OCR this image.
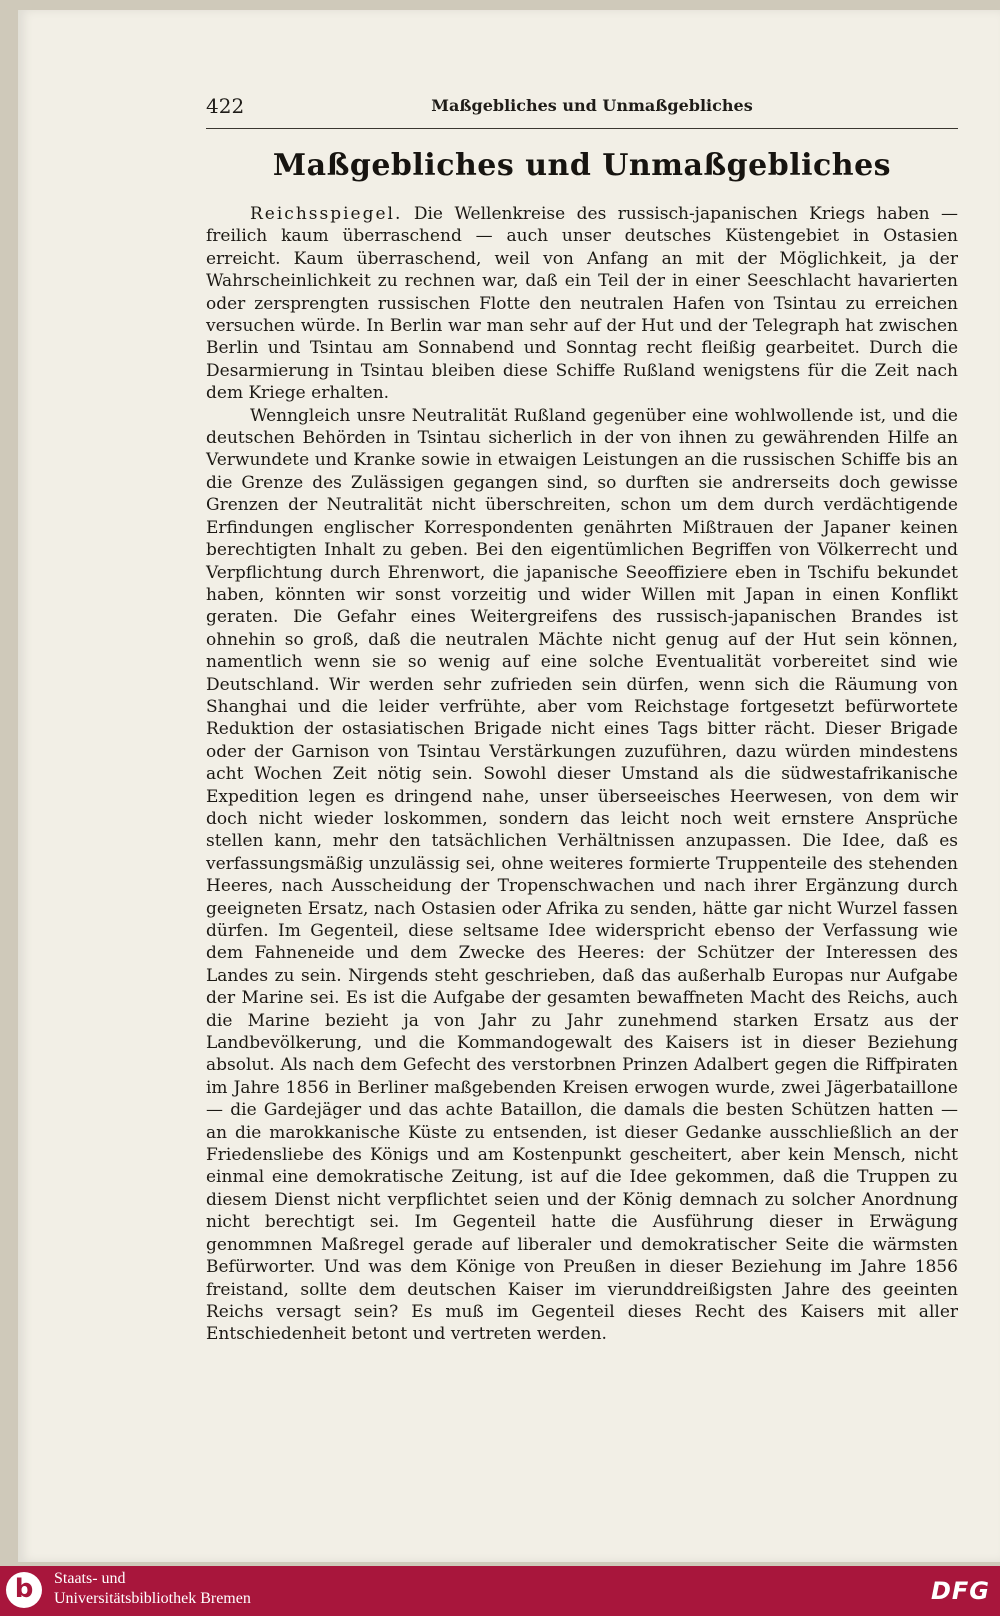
422	Maßgebliches und Unmaßgebliches
Maßgebliches und Unmaßgebliches

Reichsspiegel. Die Wellenkreise des russisch-japanischen Kriegs haben — freilich kaum überraschend — auch unser deutsches Küstengebiet in Ostasien erreicht. Kaum überraschend, weil von Anfang an mit der Möglichkeit, ja der Wahrscheinlichkeit zu rechnen war, daß ein Teil der in einer Seeschlacht havarierten oder zersprengten russischen Flotte den neutralen Hafen von Tsintau zu erreichen versuchen würde. In Berlin war man sehr auf der Hut und der Telegraph hat zwischen Berlin und Tsintau am Sonnabend und Sonntag recht fleißig gearbeitet. Durch die Desarmierung in Tsintau bleiben diese Schiffe Rußland wenigstens für die Zeit nach dem Kriege erhalten.

Wenngleich unsre Neutralität Rußland gegenüber eine wohlwollende ist, und die deutschen Behörden in Tsintau sicherlich in der von ihnen zu gewährenden Hilfe an Verwundete und Kranke sowie in etwaigen Leistungen an die russischen Schiffe bis an die Grenze des Zulässigen gegangen sind, so durften sie andrerseits doch gewisse Grenzen der Neutralität nicht überschreiten, schon um dem durch verdächtigende Erfindungen englischer Korrespondenten genährten Mißtrauen der Japaner keinen berechtigten Inhalt zu geben. Bei den eigentümlichen Begriffen von Völkerrecht und Verpflichtung durch Ehrenwort, die japanische Seeoffiziere eben in Tschifu bekundet haben, könnten wir sonst vorzeitig und wider Willen mit Japan in einen Konflikt geraten. Die Gefahr eines Weitergreifens des russisch-japanischen Brandes ist ohnehin so groß, daß die neutralen Mächte nicht genug auf der Hut sein können, namentlich wenn sie so wenig auf eine solche Eventualität vorbereitet sind wie Deutschland. Wir werden sehr zufrieden sein dürfen, wenn sich die Räumung von Shanghai und die leider verfrühte, aber vom Reichstage fortgesetzt befürwortete Reduktion der ostasiatischen Brigade nicht eines Tags bitter rächt. Dieser Brigade oder der Garnison von Tsintau Verstärkungen zuzuführen, dazu würden mindestens acht Wochen Zeit nötig sein. Sowohl dieser Umstand als die südwestafrikanische Expedition legen es dringend nahe, unser überseeisches Heerwesen, von dem wir doch nicht wieder loskommen, sondern das leicht noch weit ernstere Ansprüche stellen kann, mehr den tatsächlichen Verhältnissen anzupassen. Die Idee, daß es verfassungsmäßig unzulässig sei, ohne weiteres formierte Truppenteile des stehenden Heeres, nach Ausscheidung der Tropenschwachen und nach ihrer Ergänzung durch geeigneten Ersatz, nach Ostasien oder Afrika zu senden, hätte gar nicht Wurzel fassen dürfen. Im Gegenteil, diese seltsame Idee widerspricht ebenso der Verfassung wie dem Fahneneide und dem Zwecke des Heeres: der Schützer der Interessen des Landes zu sein. Nirgends steht geschrieben, daß das außerhalb Europas nur Aufgabe der Marine sei. Es ist die Aufgabe der gesamten bewaffneten Macht des Reichs, auch die Marine bezieht ja von Jahr zu Jahr zunehmend starken Ersatz aus der Landbevölkerung, und die Kommandogewalt des Kaisers ist in dieser Beziehung absolut. Als nach dem Gefecht des verstorbnen Prinzen Adalbert gegen die Riffpiraten im Jahre 1856 in Berliner maßgebenden Kreisen erwogen wurde, zwei Jägerbataillone — die Gardejäger und das achte Bataillon, die damals die besten Schützen hatten — an die marokkanische Küste zu entsenden, ist dieser Gedanke ausschließlich an der Friedensliebe des Königs und am Kostenpunkt gescheitert, aber kein Mensch, nicht einmal eine demokratische Zeitung, ist auf die Idee gekommen, daß die Truppen zu diesem Dienst nicht verpflichtet seien und der König demnach zu solcher Anordnung nicht berechtigt sei. Im Gegenteil hatte die Ausführung dieser in Erwägung genommnen Maßregel gerade auf liberaler und demokratischer Seite die wärmsten Befürworter. Und was dem Könige von Preußen in dieser Beziehung im Jahre 1856 freistand, sollte dem deutschen Kaiser im vierunddreißigsten Jahre des geeinten Reichs versagt sein? Es muß im Gegenteil dieses Recht des Kaisers mit aller Entschiedenheit betont und vertreten werden.

b	Staats- und
Universitätsbibliothek Bremen	DFG
